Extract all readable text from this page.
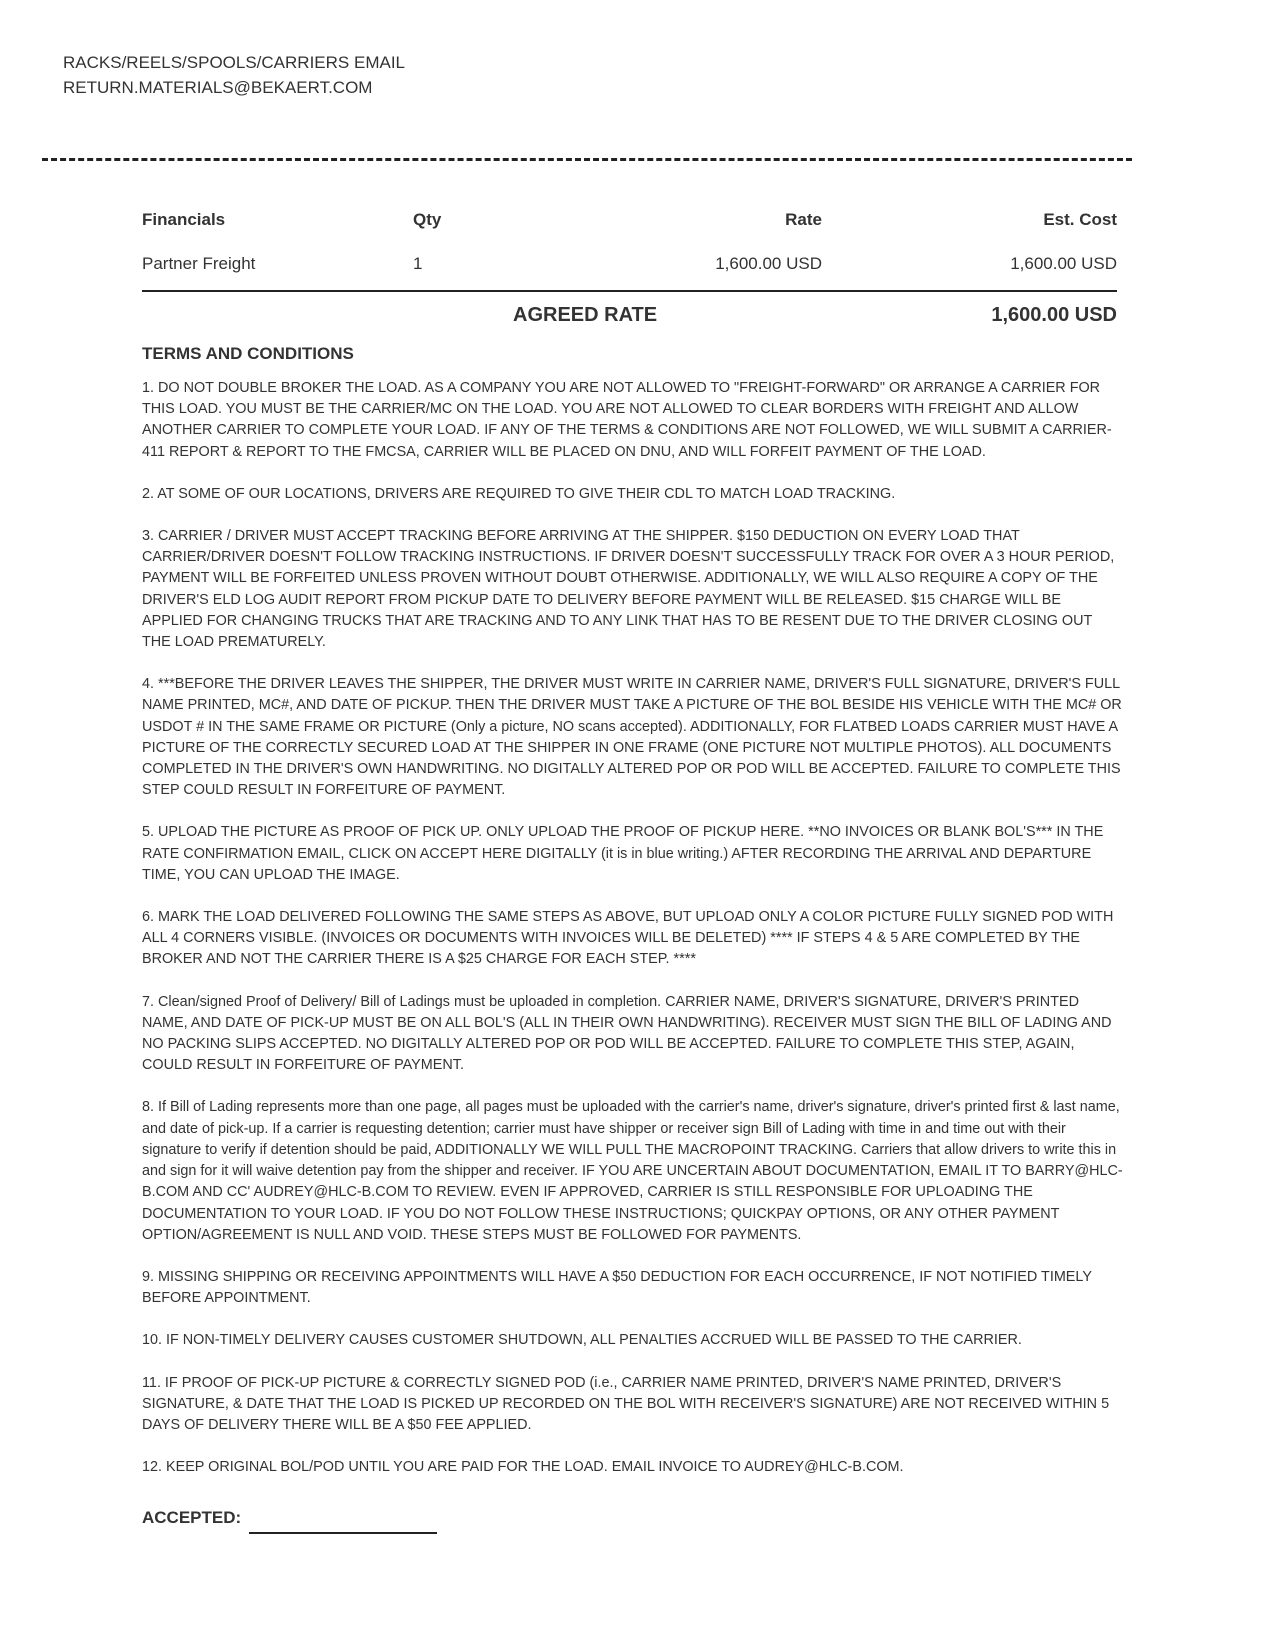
RACKS/REELS/SPOOLS/CARRIERS EMAIL
RETURN.MATERIALS@BEKAERT.COM
Financials	Qty	Rate	Est. Cost
Partner Freight	1	1,600.00 USD	1,600.00 USD
AGREED RATE	1,600.00 USD
TERMS AND CONDITIONS

1. DO NOT DOUBLE BROKER THE LOAD. AS A COMPANY YOU ARE NOT ALLOWED TO "FREIGHT-FORWARD" OR ARRANGE A CARRIER FOR THIS LOAD. YOU MUST BE THE CARRIER/MC ON THE LOAD. YOU ARE NOT ALLOWED TO CLEAR BORDERS WITH FREIGHT AND ALLOW ANOTHER CARRIER TO COMPLETE YOUR LOAD. IF ANY OF THE TERMS & CONDITIONS ARE NOT FOLLOWED, WE WILL SUBMIT A CARRIER-411 REPORT & REPORT TO THE FMCSA, CARRIER WILL BE PLACED ON DNU, AND WILL FORFEIT PAYMENT OF THE LOAD.

2. AT SOME OF OUR LOCATIONS, DRIVERS ARE REQUIRED TO GIVE THEIR CDL TO MATCH LOAD TRACKING.

3. CARRIER / DRIVER MUST ACCEPT TRACKING BEFORE ARRIVING AT THE SHIPPER. $150 DEDUCTION ON EVERY LOAD THAT CARRIER/DRIVER DOESN'T FOLLOW TRACKING INSTRUCTIONS. IF DRIVER DOESN'T SUCCESSFULLY TRACK FOR OVER A 3 HOUR PERIOD, PAYMENT WILL BE FORFEITED UNLESS PROVEN WITHOUT DOUBT OTHERWISE. ADDITIONALLY, WE WILL ALSO REQUIRE A COPY OF THE DRIVER'S ELD LOG AUDIT REPORT FROM PICKUP DATE TO DELIVERY BEFORE PAYMENT WILL BE RELEASED. $15 CHARGE WILL BE APPLIED FOR CHANGING TRUCKS THAT ARE TRACKING AND TO ANY LINK THAT HAS TO BE RESENT DUE TO THE DRIVER CLOSING OUT THE LOAD PREMATURELY.

4. ***BEFORE THE DRIVER LEAVES THE SHIPPER, THE DRIVER MUST WRITE IN CARRIER NAME, DRIVER'S FULL SIGNATURE, DRIVER'S FULL NAME PRINTED, MC#, AND DATE OF PICKUP. THEN THE DRIVER MUST TAKE A PICTURE OF THE BOL BESIDE HIS VEHICLE WITH THE MC# OR USDOT # IN THE SAME FRAME OR PICTURE (Only a picture, NO scans accepted). ADDITIONALLY, FOR FLATBED LOADS CARRIER MUST HAVE A PICTURE OF THE CORRECTLY SECURED LOAD AT THE SHIPPER IN ONE FRAME (ONE PICTURE NOT MULTIPLE PHOTOS). ALL DOCUMENTS COMPLETED IN THE DRIVER'S OWN HANDWRITING. NO DIGITALLY ALTERED POP OR POD WILL BE ACCEPTED. FAILURE TO COMPLETE THIS STEP COULD RESULT IN FORFEITURE OF PAYMENT.

5. UPLOAD THE PICTURE AS PROOF OF PICK UP. ONLY UPLOAD THE PROOF OF PICKUP HERE. **NO INVOICES OR BLANK BOL'S*** IN THE RATE CONFIRMATION EMAIL, CLICK ON ACCEPT HERE DIGITALLY (it is in blue writing.) AFTER RECORDING THE ARRIVAL AND DEPARTURE TIME, YOU CAN UPLOAD THE IMAGE.

6. MARK THE LOAD DELIVERED FOLLOWING THE SAME STEPS AS ABOVE, BUT UPLOAD ONLY A COLOR PICTURE FULLY SIGNED POD WITH ALL 4 CORNERS VISIBLE. (INVOICES OR DOCUMENTS WITH INVOICES WILL BE DELETED) **** IF STEPS 4 & 5 ARE COMPLETED BY THE BROKER AND NOT THE CARRIER THERE IS A $25 CHARGE FOR EACH STEP. ****

7. Clean/signed Proof of Delivery/ Bill of Ladings must be uploaded in completion. CARRIER NAME, DRIVER'S SIGNATURE, DRIVER'S PRINTED NAME, AND DATE OF PICK-UP MUST BE ON ALL BOL'S (ALL IN THEIR OWN HANDWRITING). RECEIVER MUST SIGN THE BILL OF LADING AND NO PACKING SLIPS ACCEPTED. NO DIGITALLY ALTERED POP OR POD WILL BE ACCEPTED. FAILURE TO COMPLETE THIS STEP, AGAIN, COULD RESULT IN FORFEITURE OF PAYMENT.

8. If Bill of Lading represents more than one page, all pages must be uploaded with the carrier's name, driver's signature, driver's printed first & last name, and date of pick-up. If a carrier is requesting detention; carrier must have shipper or receiver sign Bill of Lading with time in and time out with their signature to verify if detention should be paid, ADDITIONALLY WE WILL PULL THE MACROPOINT TRACKING. Carriers that allow drivers to write this in and sign for it will waive detention pay from the shipper and receiver. IF YOU ARE UNCERTAIN ABOUT DOCUMENTATION, EMAIL IT TO BARRY@HLC-B.COM AND CC' AUDREY@HLC-B.COM TO REVIEW. EVEN IF APPROVED, CARRIER IS STILL RESPONSIBLE FOR UPLOADING THE DOCUMENTATION TO YOUR LOAD. IF YOU DO NOT FOLLOW THESE INSTRUCTIONS; QUICKPAY OPTIONS, OR ANY OTHER PAYMENT OPTION/AGREEMENT IS NULL AND VOID. THESE STEPS MUST BE FOLLOWED FOR PAYMENTS.

9. MISSING SHIPPING OR RECEIVING APPOINTMENTS WILL HAVE A $50 DEDUCTION FOR EACH OCCURRENCE, IF NOT NOTIFIED TIMELY BEFORE APPOINTMENT.

10. IF NON-TIMELY DELIVERY CAUSES CUSTOMER SHUTDOWN, ALL PENALTIES ACCRUED WILL BE PASSED TO THE CARRIER.

11. IF PROOF OF PICK-UP PICTURE & CORRECTLY SIGNED POD (i.e., CARRIER NAME PRINTED, DRIVER'S NAME PRINTED, DRIVER'S SIGNATURE, & DATE THAT THE LOAD IS PICKED UP RECORDED ON THE BOL WITH RECEIVER'S SIGNATURE) ARE NOT RECEIVED WITHIN 5 DAYS OF DELIVERY THERE WILL BE A $50 FEE APPLIED.

12. KEEP ORIGINAL BOL/POD UNTIL YOU ARE PAID FOR THE LOAD. EMAIL INVOICE TO AUDREY@HLC-B.COM.

ACCEPTED:
